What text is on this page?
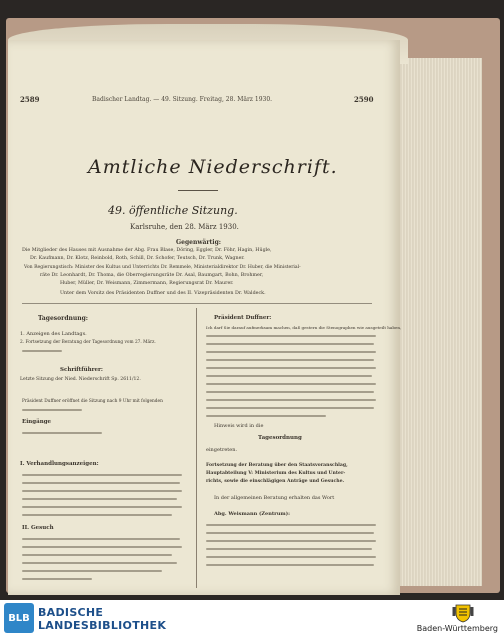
2589	Badischer Landtag. — 49. Sitzung. Freitag, 28. März 1930.	2590
Amtliche Niederschrift.
49. öffentliche Sitzung.
Karlsruhe, den 28. März 1930.
Gegenwärtig:
Die Mitglieder des Hauses mit Ausnahme der Abg. Frau Blase, Döring, Eggler, Dr. Föhr, Hagin, Hügle,
Dr. Kaufmann, Dr. Klotz, Reinbold, Roth, Schill, Dr. Schofer, Teutsch, Dr. Trunk, Wagner.
Von Regierungstisch: Minister des Kultus und Unterrichts Dr. Remmele, Ministerialdirektor Dr. Huber, die Ministerial-
räte Dr. Leonhardt, Dr. Thoma, die Oberregierungsräte Dr. Asal, Baumgart, Bohn, Brohmer,
Huber, Müller, Dr. Weismann, Zimmermann, Regierungsrat Dr. Maurer.
Unter dem Vorsitz des Präsidenten Duffner und des II. Vizepräsidenten Dr. Waldeck.
Tagesordnung:
1. Anzeigen des Landtags.
2. Fortsetzung der Beratung der Tagesordnung vom 27. März.
Schriftführer:
Letzte Sitzung der Nied. Niederschrift Sp. 2611/12.
Präsident Duffner eröffnet die Sitzung nach 9 Uhr mit folgenden
Eingänge
I. Verhandlungsanzeigen:
II. Gesuch
Präsident Duffner:
Ich darf Sie darauf aufmerksam machen, daß gestern die Stenographen wie ausgeteilt haben,
Hinweis wird in die
Tagesordnung
eingetreten.
Fortsetzung der Beratung über den Staatsvoranschlag,
Hauptabteilung V: Ministerium des Kultus und Unter-
richts, sowie die einschlägigen Anträge und Gesuche.
In der allgemeinen Beratung erhalten das Wort
Abg. Weismann (Zentrum):
BLB BADISCHE
LANDESBIBLIOTHEK	Baden-Württemberg
